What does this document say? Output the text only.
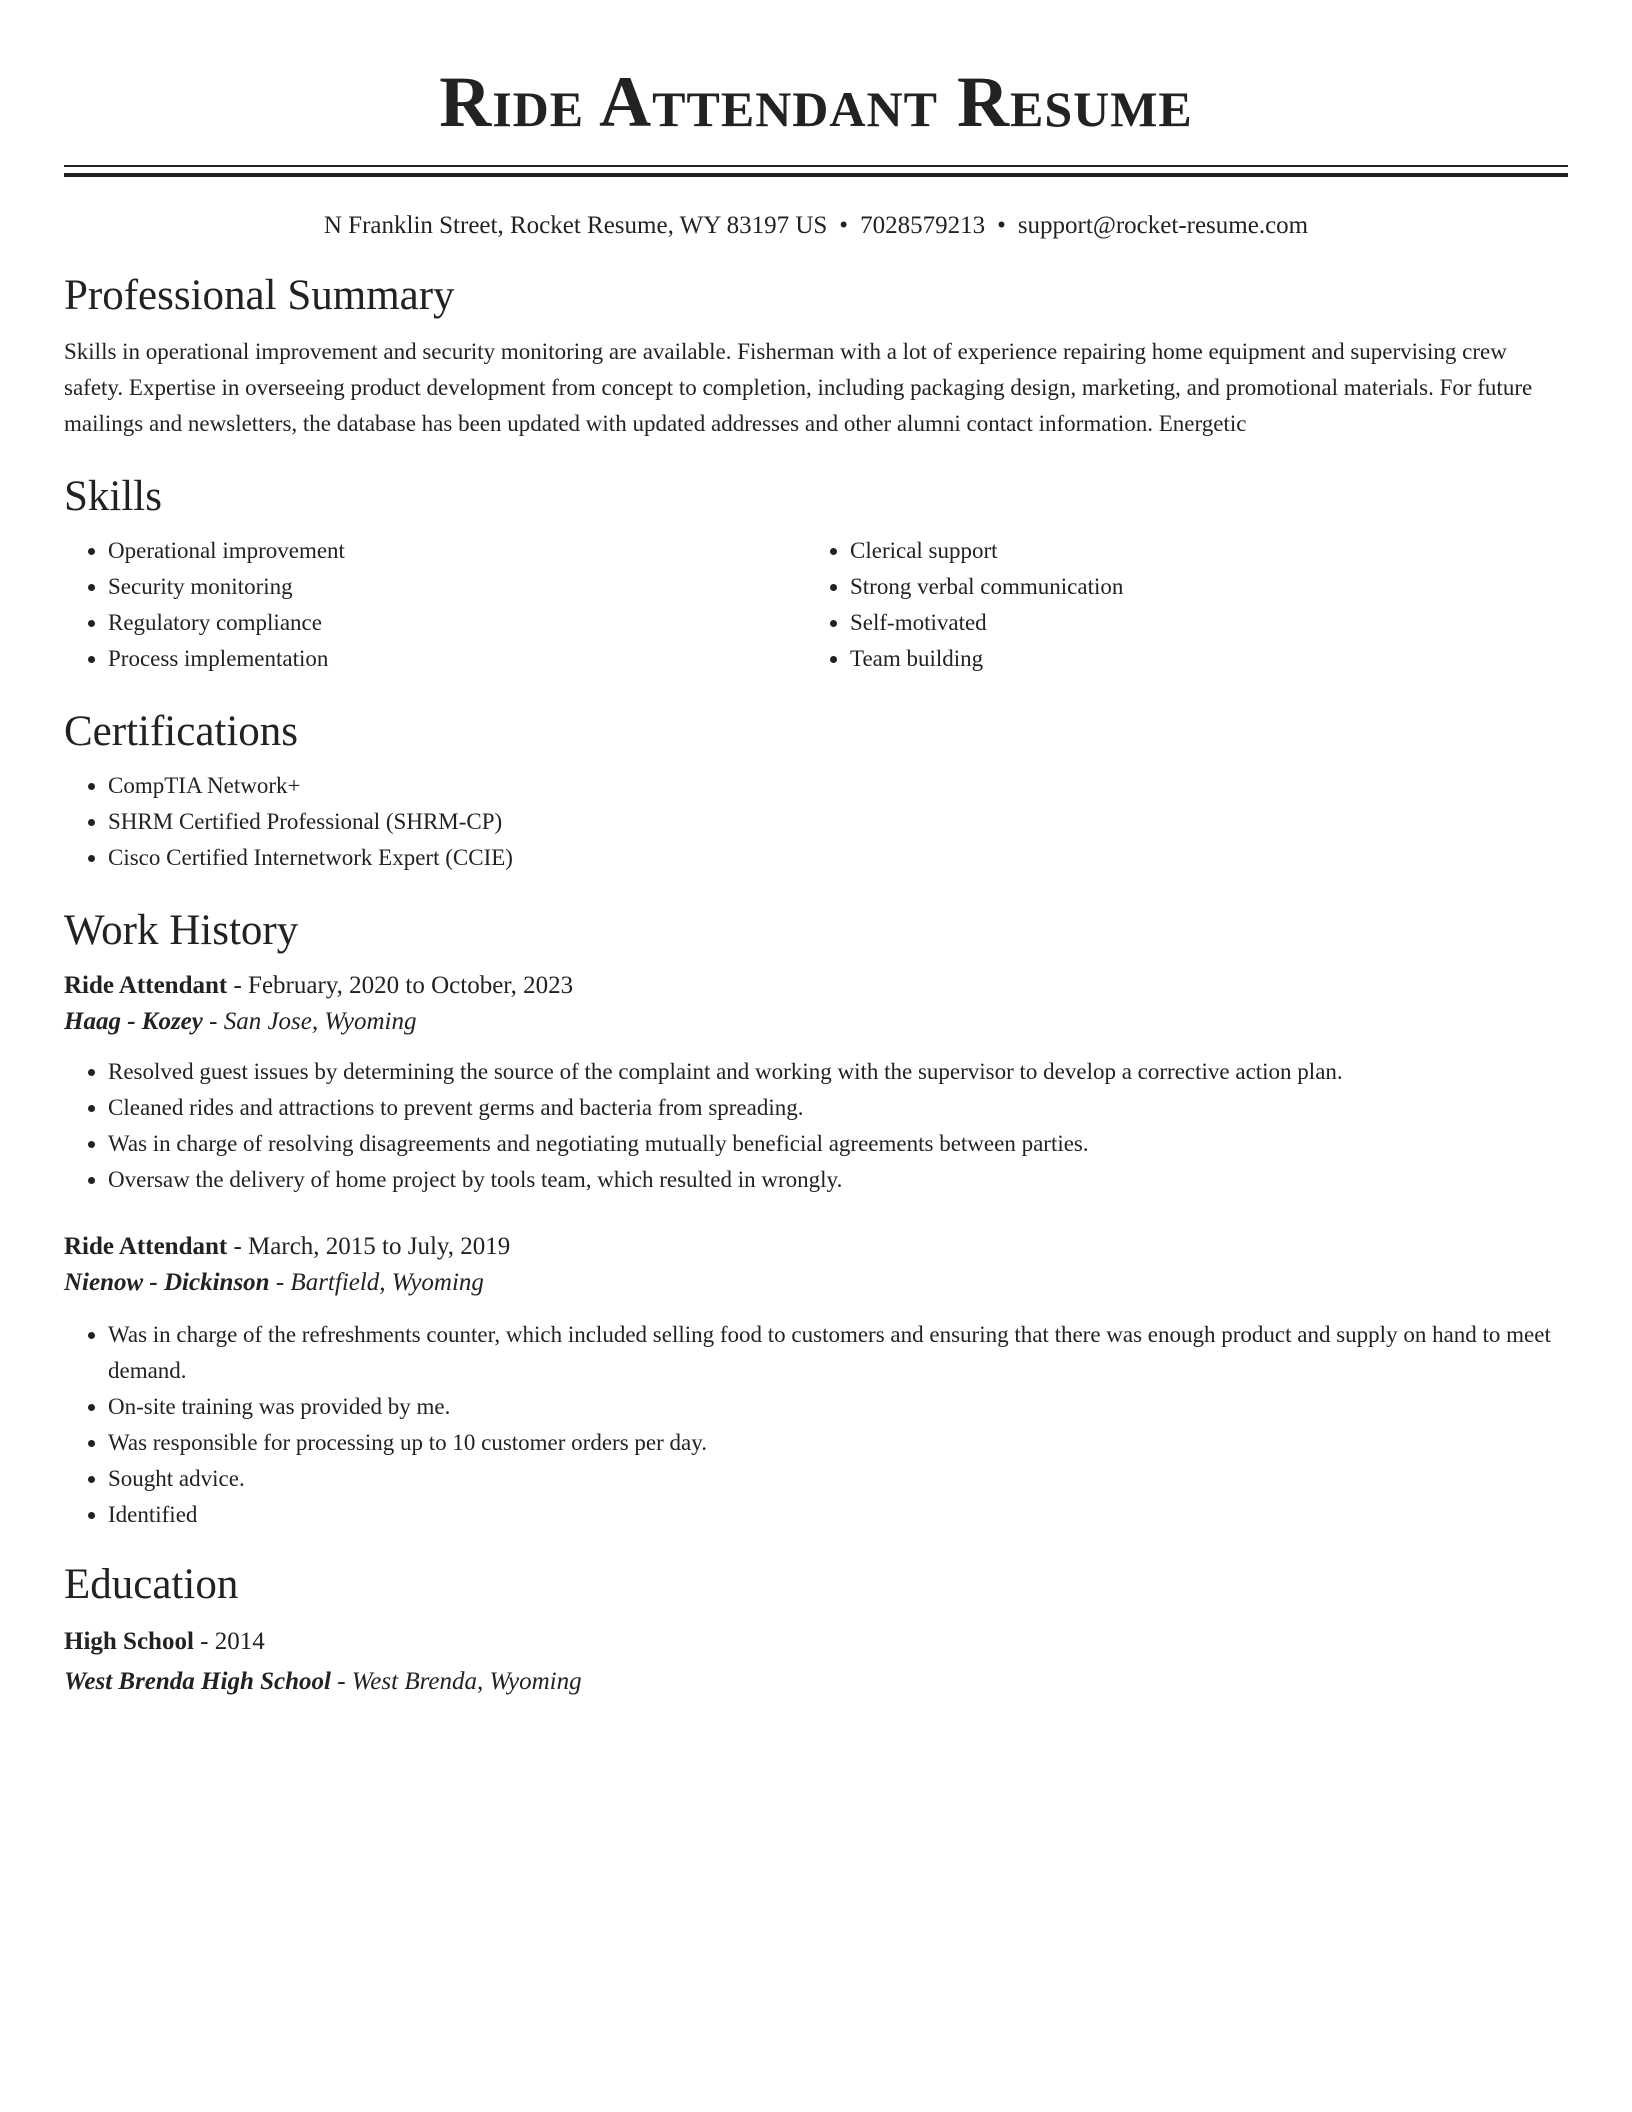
Ride Attendant Resume
N Franklin Street, Rocket Resume, WY 83197 US • 7028579213 • support@rocket-resume.com
Professional Summary

Skills in operational improvement and security monitoring are available. Fisherman with a lot of experience repairing home equipment and supervising crew safety. Expertise in overseeing product development from concept to completion, including packaging design, marketing, and promotional materials. For future mailings and newsletters, the database has been updated with updated addresses and other alumni contact information. Energetic

Skills
• Operational improvement
• Security monitoring
• Regulatory compliance
• Process implementation
• Clerical support
• Strong verbal communication
• Self-motivated
• Team building
Certifications
• CompTIA Network+
• SHRM Certified Professional (SHRM-CP)
• Cisco Certified Internetwork Expert (CCIE)
Work History
Ride Attendant - February, 2020 to October, 2023
Haag - Kozey - San Jose, Wyoming
• Resolved guest issues by determining the source of the complaint and working with the supervisor to develop a corrective action plan.
• Cleaned rides and attractions to prevent germs and bacteria from spreading.
• Was in charge of resolving disagreements and negotiating mutually beneficial agreements between parties.
• Oversaw the delivery of home project by tools team, which resulted in wrongly.
Ride Attendant - March, 2015 to July, 2019
Nienow - Dickinson - Bartfield, Wyoming
• Was in charge of the refreshments counter, which included selling food to customers and ensuring that there was enough product and supply on hand to meet demand.
• On-site training was provided by me.
• Was responsible for processing up to 10 customer orders per day.
• Sought advice.
• Identified
Education
High School - 2014
West Brenda High School - West Brenda, Wyoming
